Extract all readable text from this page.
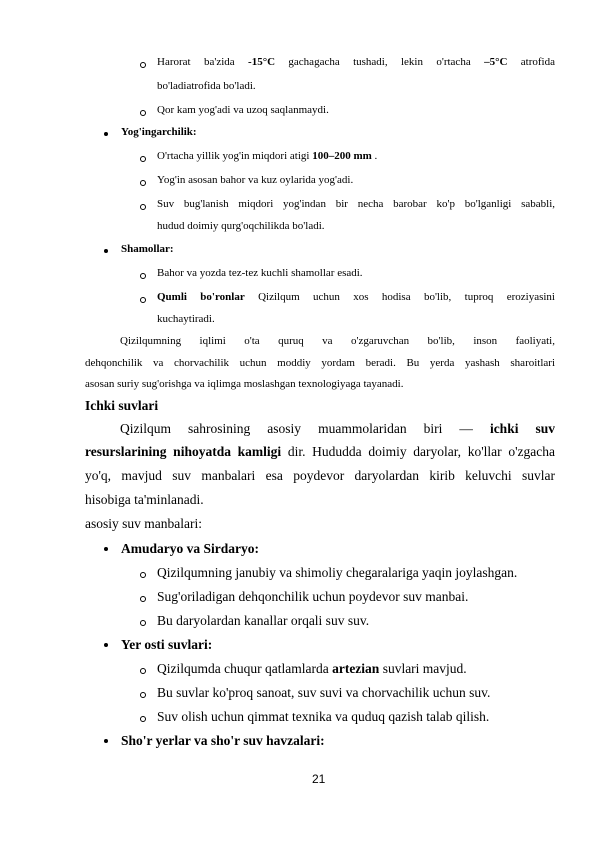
Harorat ba'zida -15°C gachagacha tushadi, lekin o'rtacha –5°C atrofida
bo'ladiatrofida bo'ladi.
Qor kam yog'adi va uzoq saqlanmaydi.
Yog'ingarchilik:
O'rtacha yillik yog'in miqdori atigi 100–200 mm .
Yog'in asosan bahor va kuz oylarida yog'adi.
Suv bug'lanish miqdori yog'indan bir necha barobar ko'p bo'lganligi sababli,
hudud doimiy qurg'oqchilikda bo'ladi.
Shamollar:
Bahor va yozda tez-tez kuchli shamollar esadi.
Qumli bo'ronlar Qizilqum uchun xos hodisa bo'lib, tuproq eroziyasini
kuchaytiradi.
Qizilqumning iqlimi o'ta quruq va o'zgaruvchan bo'lib, inson faoliyati,
dehqonchilik va chorvachilik uchun moddiy yordam beradi. Bu yerda yashash sharoitlari
asosan suriy sug'orishga va iqlimga moslashgan texnologiyaga tayanadi.
Ichki suvlari
Qizilqum sahrosining asosiy muammolaridan biri — ichki suv
resurslarining nihoyatda kamligi dir. Hududda doimiy daryolar, ko'llar o'zgacha
yo'q, mavjud suv manbalari esa poydevor daryolardan kirib keluvchi suvlar
hisobiga ta'minlanadi.
asosiy suv manbalari:
Amudaryo va Sirdaryo:
Qizilqumning janubiy va shimoliy chegaralariga yaqin joylashgan.
Sug'oriladigan dehqonchilik uchun poydevor suv manbai.
Bu daryolardan kanallar orqali suv suv.
Yer osti suvlari:
Qizilqumda chuqur qatlamlarda artezian suvlari mavjud.
Bu suvlar ko'proq sanoat, suv suvi va chorvachilik uchun suv.
Suv olish uchun qimmat texnika va quduq qazish talab qilish.
Sho'r yerlar va sho'r suv havzalari:
21
